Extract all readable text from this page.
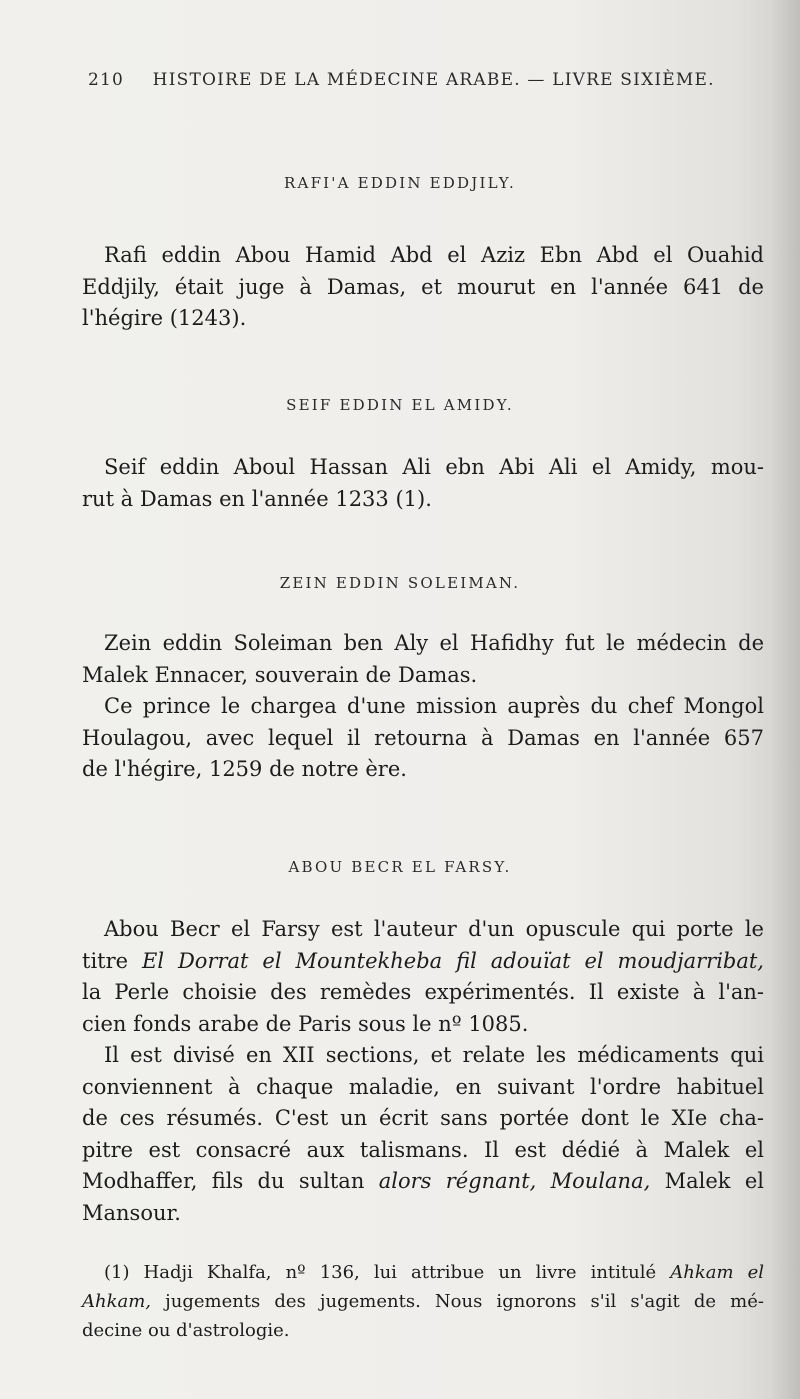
210 HISTOIRE DE LA MÉDECINE ARABE. — LIVRE SIXIÈME.
RAFI'A EDDIN EDDJILY.
Rafi eddin Abou Hamid Abd el Aziz Ebn Abd el Ouahid
Eddjily, était juge à Damas, et mourut en l'année 641 de
l'hégire (1243).
SEIF EDDIN EL AMIDY.
Seif eddin Aboul Hassan Ali ebn Abi Ali el Amidy, mou-
rut à Damas en l'année 1233 (1).
ZEIN EDDIN SOLEIMAN.
Zein eddin Soleiman ben Aly el Hafidhy fut le médecin de
Malek Ennacer, souverain de Damas.
Ce prince le chargea d'une mission auprès du chef Mongol
Houlagou, avec lequel il retourna à Damas en l'année 657
de l'hégire, 1259 de notre ère.
ABOU BECR EL FARSY.
Abou Becr el Farsy est l'auteur d'un opuscule qui porte le
titre El Dorrat el Mountekheba fil adouïat el moudjarribat,
la Perle choisie des remèdes expérimentés. Il existe à l'an-
cien fonds arabe de Paris sous le nº 1085.
Il est divisé en XII sections, et relate les médicaments qui
conviennent à chaque maladie, en suivant l'ordre habituel
de ces résumés. C'est un écrit sans portée dont le XIe cha-
pitre est consacré aux talismans. Il est dédié à Malek el
Modhaffer, fils du sultan alors régnant, Moulana, Malek el
Mansour.
(1) Hadji Khalfa, nº 136, lui attribue un livre intitulé Ahkam el
Ahkam, jugements des jugements. Nous ignorons s'il s'agit de mé-
decine ou d'astrologie.
